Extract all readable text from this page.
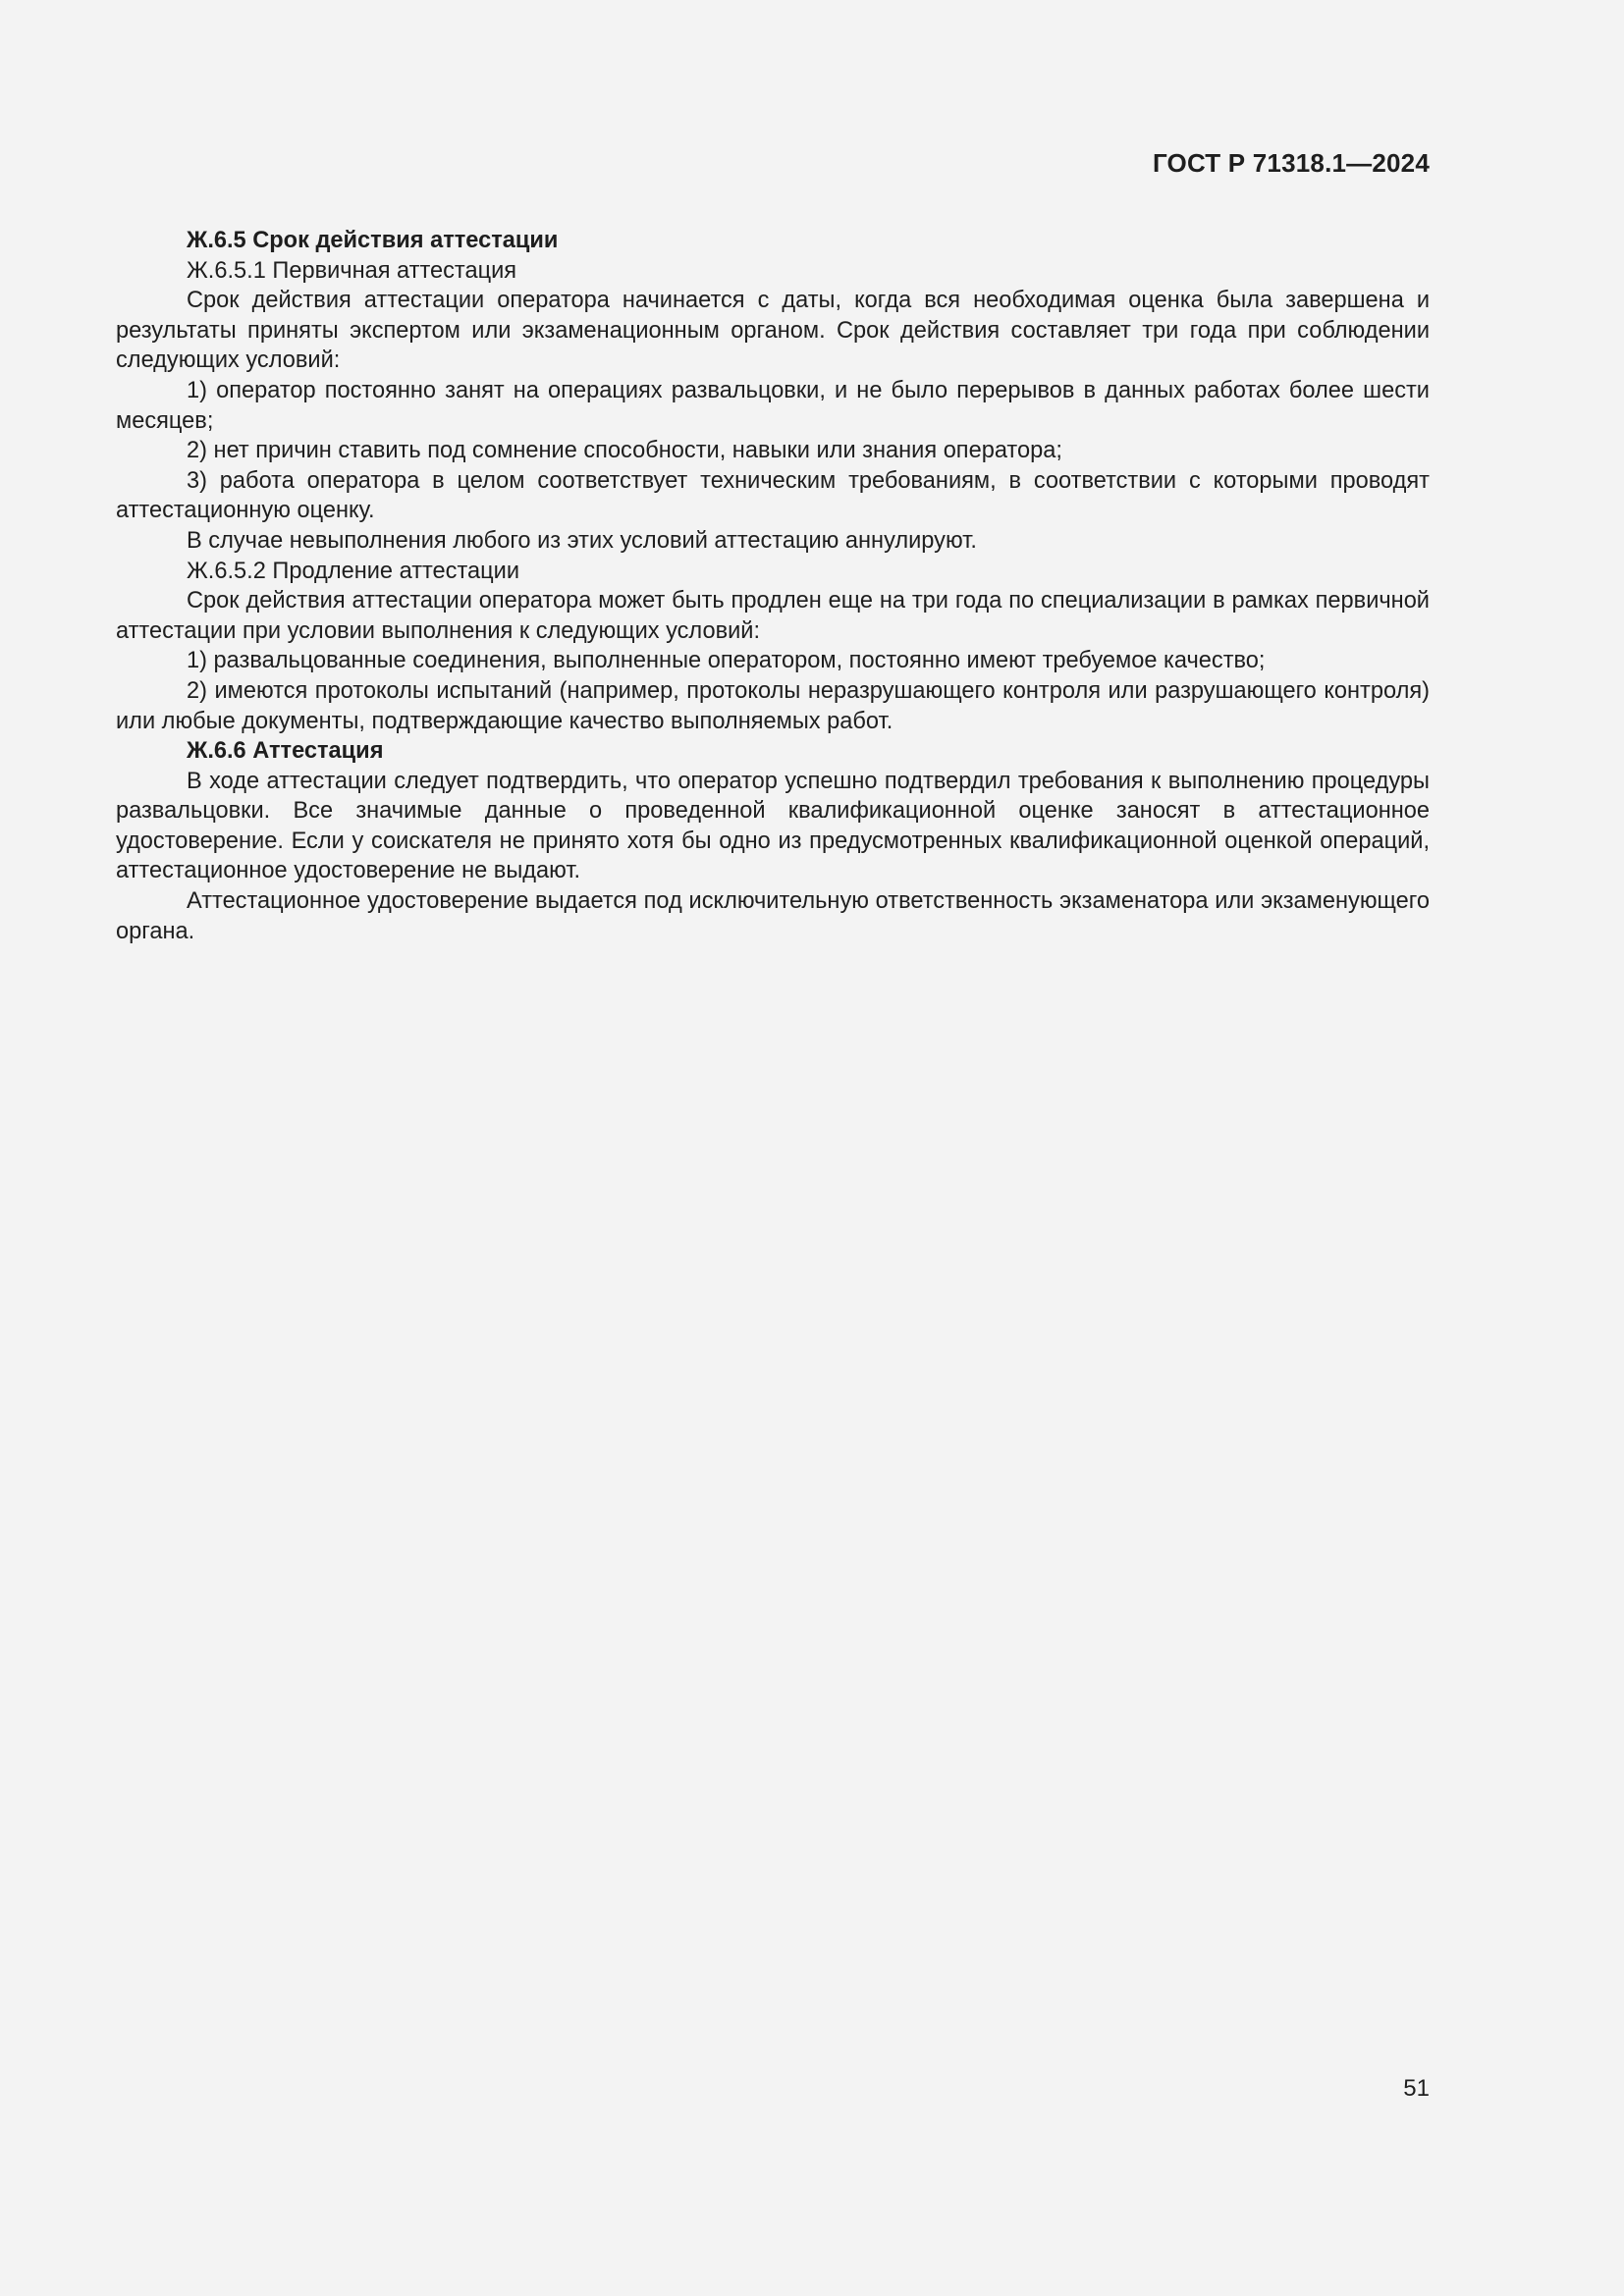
ГОСТ Р 71318.1—2024

Ж.6.5 Срок действия аттестации

Ж.6.5.1 Первичная аттестация

Срок действия аттестации оператора начинается с даты, когда вся необходимая оценка была завершена и результаты приняты экспертом или экзаменационным органом. Срок действия составляет три года при соблюдении следующих условий:

1) оператор постоянно занят на операциях развальцовки, и не было перерывов в данных работах более шести месяцев;

2) нет причин ставить под сомнение способности, навыки или знания оператора;

3) работа оператора в целом соответствует техническим требованиям, в соответствии с которыми проводят аттестационную оценку.

В случае невыполнения любого из этих условий аттестацию аннулируют.

Ж.6.5.2 Продление аттестации

Срок действия аттестации оператора может быть продлен еще на три года по специализации в рамках первичной аттестации при условии выполнения к следующих условий:

1) развальцованные соединения, выполненные оператором, постоянно имеют требуемое качество;

2) имеются протоколы испытаний (например, протоколы неразрушающего контроля или разрушающего контроля) или любые документы, подтверждающие качество выполняемых работ.

Ж.6.6 Аттестация

В ходе аттестации следует подтвердить, что оператор успешно подтвердил требования к выполнению процедуры развальцовки. Все значимые данные о проведенной квалификационной оценке заносят в аттестационное удостоверение. Если у соискателя не принято хотя бы одно из предусмотренных квалификационной оценкой операций, аттестационное удостоверение не выдают.

Аттестационное удостоверение выдается под исключительную ответственность экзаменатора или экзаменующего органа.

51
